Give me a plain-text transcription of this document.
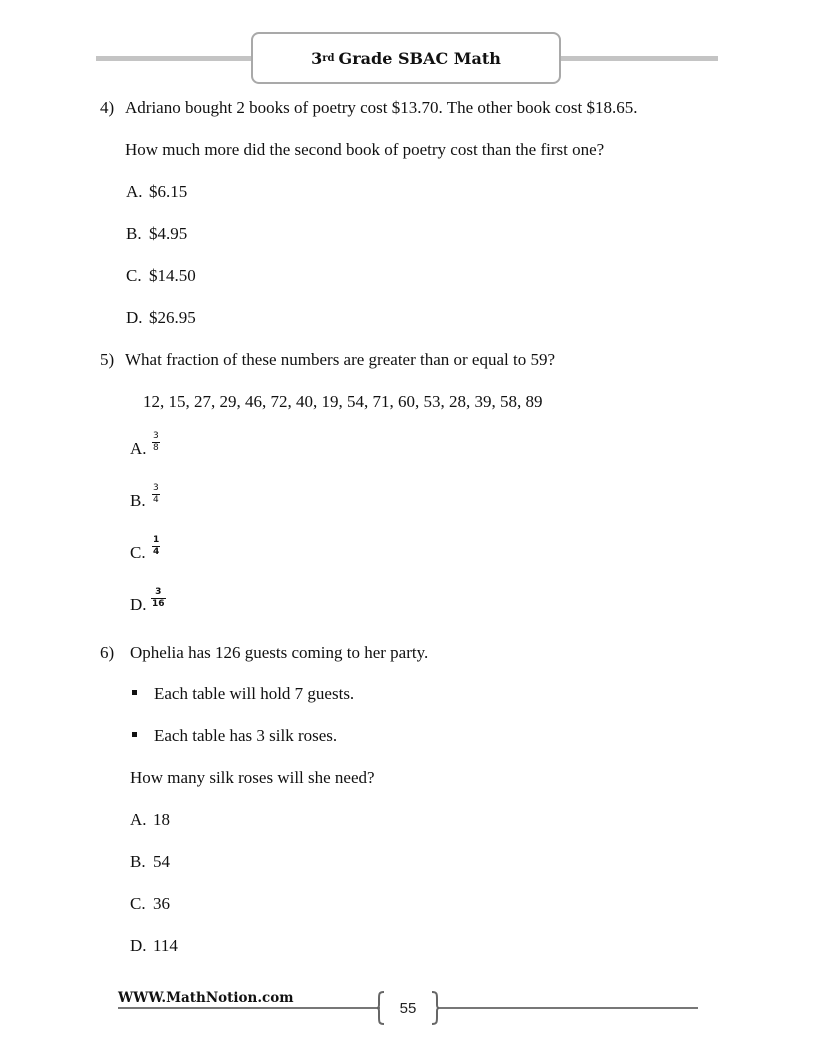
3 rd Grade SBAC Math
4) Adriano bought 2 books of poetry cost $13.70. The other book cost $18.65.
How much more did the second book of poetry cost than the first one?
A. $6.15
B. $4.95
C. $14.50
D. $26.95
5) What fraction of these numbers are greater than or equal to 59?
12, 15, 27, 29, 46, 72, 40, 19, 54, 71, 60, 53, 28, 39, 58, 89
A.
3
8
B.
3
4
C.
1
4
D.
3
16
6) Ophelia has 126 guests coming to her party.
Each table will hold 7 guests.
Each table has 3 silk roses.
How many silk roses will she need?
A. 18
B. 54
C. 36
D. 114
WWW.MathNotion.com
55
